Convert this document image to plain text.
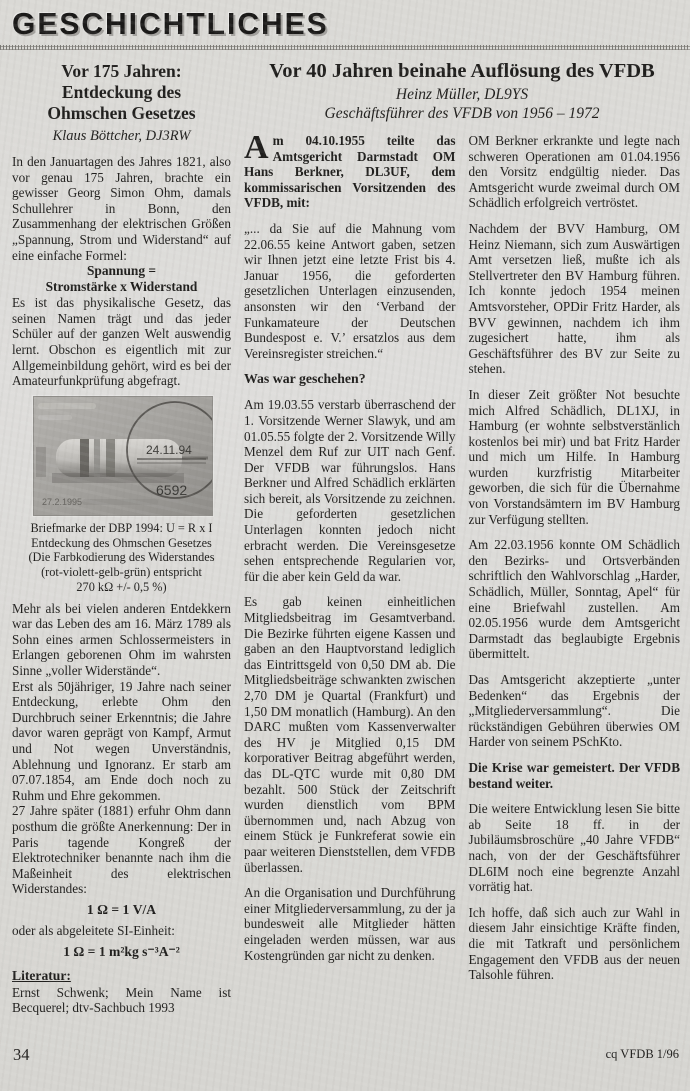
GESCHICHTLICHES
Vor 175 Jahren:
Entdeckung des
Ohmschen Gesetzes
Klaus Böttcher, DJ3RW

In den Januartagen des Jahres 1821, also vor genau 175 Jahren, brachte ein gewisser Georg Simon Ohm, damals Schullehrer in Bonn, den Zusammenhang der elektrischen Größen „Spannung, Strom und Widerstand“ auf eine einfache Formel:

Spannung =
Stromstärke x Widerstand

Es ist das physikalische Gesetz, das seinen Namen trägt und das jeder Schüler auf der ganzen Welt auswendig lernt. Obschon es eigentlich mit zur Allgemeinbildung gehört, wird es bei der Amateurfunkprüfung abgefragt.

24.11.94
6592
27.2.1995
Briefmarke der DBP 1994: U = R x I
Entdeckung des Ohmschen Gesetzes
(Die Farbkodierung des Widerstandes
(rot-violett-gelb-grün) entspricht
270 kΩ +/- 0,5 %)

Mehr als bei vielen anderen Entdekkern war das Leben des am 16. März 1789 als Sohn eines armen Schlossermeisters in Erlangen geborenen Ohm im wahrsten Sinne „voller Widerstände“.

Erst als 50jähriger, 19 Jahre nach seiner Entdeckung, erlebte Ohm den Durchbruch seiner Erkenntnis; die Jahre davor waren geprägt von Kampf, Armut und Not wegen Unverständnis, Ablehnung und Ignoranz. Er starb am 07.07.1854, am Ende doch noch zu Ruhm und Ehre gekommen.

27 Jahre später (1881) erfuhr Ohm dann posthum die größte Anerkennung: Der in Paris tagende Kongreß der Elektrotechniker benannte nach ihm die Maßeinheit des elektrischen Widerstandes:

1 Ω = 1 V/A

oder als abgeleitete SI-Einheit:

1 Ω = 1 m²kg s⁻³A⁻²
Literatur:

Ernst Schwenk; Mein Name ist Becquerel; dtv-Sachbuch 1993

Vor 40 Jahren beinahe Auflösung des VFDB
Heinz Müller, DL9YS
Geschäftsführer des VFDB von 1956 – 1972

Am 04.10.1955 teilte das Amtsgericht Darmstadt OM Hans Berkner, DL3UF, dem kommissarischen Vorsitzenden des VFDB, mit:

„... da Sie auf die Mahnung vom 22.06.55 keine Antwort gaben, setzen wir Ihnen jetzt eine letzte Frist bis 4. Januar 1956, die geforderten gesetzlichen Unterlagen einzusenden, ansonsten wir den ‘Verband der Funkamateure der Deutschen Bundespost e. V.’ ersatzlos aus dem Vereinsregister streichen.“

Was war geschehen?

Am 19.03.55 verstarb überraschend der 1. Vorsitzende Werner Slawyk, und am 01.05.55 folgte der 2. Vorsitzende Willy Menzel dem Ruf zur UIT nach Genf. Der VFDB war führungslos. Hans Berkner und Alfred Schädlich erklärten sich bereit, als Vorsitzende zu zeichnen. Die geforderten gesetzlichen Unterlagen konnten jedoch nicht erbracht werden. Die Vereinsgesetze sehen entsprechende Regularien vor, für die aber kein Geld da war.

Es gab keinen einheitlichen Mitgliedsbeitrag im Gesamtverband. Die Bezirke führten eigene Kassen und gaben an den Hauptvorstand lediglich das Eintrittsgeld von 0,50 DM ab. Die Mitgliedsbeiträge schwankten zwischen 2,70 DM je Quartal (Frankfurt) und 1,50 DM monatlich (Hamburg). An den DARC mußten vom Kassenverwalter des HV je Mitglied 0,15 DM korporativer Beitrag abgeführt werden, das DL-QTC wurde mit 0,80 DM bezahlt. 500 Stück der Zeitschrift wurden dienstlich vom BPM übernommen und, nach Abzug von einem Stück je Funkreferat sowie ein paar weiteren Dienststellen, dem VFDB überlassen.

An die Organisation und Durchführung einer Mitgliederversammlung, zu der ja bundesweit alle Mitglieder hätten eingeladen werden müssen, war aus Kostengründen gar nicht zu denken.

OM Berkner erkrankte und legte nach schweren Operationen am 01.04.1956 den Vorsitz endgültig nieder. Das Amtsgericht wurde zweimal durch OM Schädlich erfolgreich vertröstet.

Nachdem der BVV Hamburg, OM Heinz Niemann, sich zum Auswärtigen Amt versetzen ließ, mußte ich als Stellvertreter den BV Hamburg führen. Ich konnte jedoch 1954 meinen Amtsvorsteher, OPDir Fritz Harder, als BVV gewinnen, nachdem ich ihm zugesichert hatte, ihm als Geschäftsführer des BV zur Seite zu stehen.

In dieser Zeit größter Not besuchte mich Alfred Schädlich, DL1XJ, in Hamburg (er wohnte selbstverstänlich kostenlos bei mir) und bat Fritz Harder und mich um Hilfe. In Hamburg wurden kurzfristig Mitarbeiter geworben, die sich für die Übernahme von Vorstandsämtern im BV Hamburg zur Verfügung stellten.

Am 22.03.1956 konnte OM Schädlich den Bezirks- und Ortsverbänden schriftlich den Wahlvorschlag „Harder, Schädlich, Müller, Sonntag, Apel“ für eine Briefwahl zustellen. Am 02.05.1956 wurde dem Amtsgericht Darmstadt das beglaubigte Ergebnis übermittelt.

Das Amtsgericht akzeptierte „unter Bedenken“ das Ergebnis der „Mitgliederversammlung“. Die rückständigen Gebühren überwies OM Harder von seinem PSchKto.

Die Krise war gemeistert. Der VFDB bestand weiter.

Die weitere Entwicklung lesen Sie bitte ab Seite 18 ff. in der Jubiläumsbroschüre „40 Jahre VFDB“ nach, von der der Geschäftsführer DL6IM noch eine begrenzte Anzahl vorrätig hat.

Ich hoffe, daß sich auch zur Wahl in diesem Jahr einsichtige Kräfte finden, die mit Tatkraft und persönlichem Engagement den VFDB aus der neuen Talsohle führen.

34	cq VFDB 1/96
